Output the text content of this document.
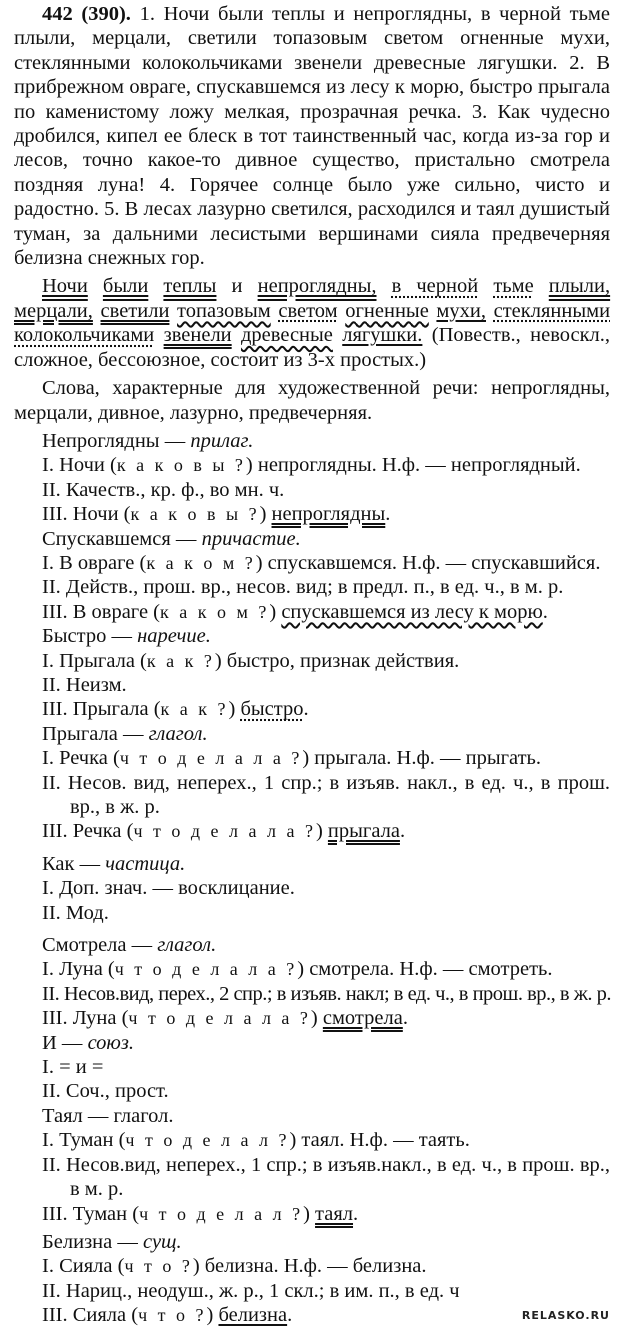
442 (390). 1. Ночи были теплы и непроглядны, в черной тьме плыли, мерцали, светили топазовым светом огненные мухи, стеклянными колокольчиками звенели древесные лягушки. 2. В прибрежном овраге, спускавшемся из лесу к морю, быстро прыгала по каменистому ложу мелкая, прозрачная речка. 3. Как чудесно дробился, кипел ее блеск в тот таинственный час, когда из-за гор и лесов, точно какое-то дивное существо, пристально смотрела поздняя луна! 4. Горячее солнце было уже сильно, чисто и радостно. 5. В лесах лазурно светился, расходился и таял душистый туман, за дальними лесистыми вершинами сияла предвечерняя белизна снежных гор.

Ночи были теплы и непроглядны, в черной тьме плыли, мерцали, светили топазовым светом огненные мухи, стеклянными колокольчиками звенели древесные лягушки. (Повеств., невоскл., сложное, бессоюзное, состоит из 3-х простых.)

Слова, характерные для художественной речи: непроглядны, мерцали, дивное, лазурно, предвечерняя.

Непроглядны — прилаг.
I. Ночи (к а к о в ы ?) непроглядны. Н.ф. — непроглядный.
II. Качеств., кр. ф., во мн. ч.
III. Ночи (к а к о в ы ?) непроглядны.
Спускавшемся — причастие.
I. В овраге (к а к о м ?) спускавшемся. Н.ф. — спускавшийся.
II. Действ., прош. вр., несов. вид; в предл. п., в ед. ч., в м. р.
III. В овраге (к а к о м ?) спускавшемся из лесу к морю.
Быстро — наречие.
I. Прыгала (к а к ?) быстро, признак действия.
II. Неизм.
III. Прыгала (к а к ?) быстро.
Прыгала — глагол.
I. Речка (ч т о д е л а л а ?) прыгала. Н.ф. — прыгать.
II. Несов. вид, неперех., 1 спр.; в изъяв. накл., в ед. ч., в прош. вр., в ж. р.
III. Речка (ч т о д е л а л а ?) прыгала.
Как — частица.
I. Доп. знач. — восклицание.
II. Мод.
Смотрела — глагол.
I. Луна (ч т о д е л а л а ?) смотрела. Н.ф. — смотреть.
II. Несов.вид, перех., 2 спр.; в изъяв. накл; в ед. ч., в прош. вр., в ж. р.
III. Луна (ч т о д е л а л а ?) смотрела.
И — союз.
I. = и =
II. Соч., прост.
Таял — глагол.
I. Туман (ч т о д е л а л ?) таял. Н.ф. — таять.
II. Несов.вид, неперех., 1 спр.; в изъяв.накл., в ед. ч., в прош. вр., в м. р.
III. Туман (ч т о д е л а л ?) таял.
Белизна — сущ.
I. Сияла (ч т о ?) белизна. Н.ф. — белизна.
II. Нариц., неодуш., ж. р., 1 скл.; в им. п., в ед. ч
III. Сияла (ч т о ?) белизна.	RELASKO.RU
